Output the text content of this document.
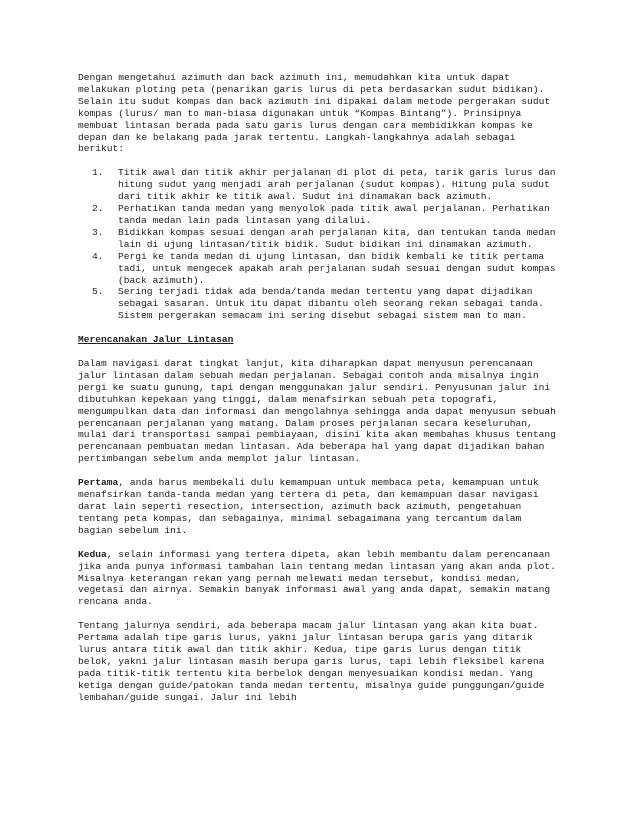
Dengan mengetahui azimuth dan back azimuth ini, memudahkan kita untuk dapat melakukan ploting peta (penarikan garis lurus di peta berdasarkan sudut bidikan). Selain itu sudut kompas dan back azimuth ini dipakai dalam metode pergerakan sudut kompas (lurus/ man to man-biasa digunakan untuk “Kompas Bintang”). Prinsipnya membuat lintasan berada pada satu garis lurus dengan cara membidikkan kompas ke depan dan ke belakang pada jarak tertentu. Langkah-langkahnya adalah sebagai berikut:

1. Titik awal dan titik akhir perjalanan di plot di peta, tarik garis lurus dan hitung sudut yang menjadi arah perjalanan (sudut kompas). Hitung pula sudut dari titik akhir ke titik awal. Sudut ini dinamakan back azimuth.
2. Perhatikan tanda medan yang menyolok pada titik awal perjalanan. Perhatikan tanda medan lain pada lintasan yang dilalui.
3. Bidikkan kompas sesuai dengan arah perjalanan kita, dan tentukan tanda medan lain di ujung lintasan/titik bidik. Sudut bidikan ini dinamakan azimuth.
4. Pergi ke tanda medan di ujung lintasan, dan bidik kembali ke titik pertama tadi, untuk mengecek apakah arah perjalanan sudah sesuai dengan sudut kompas (back azimuth).
5. Sering terjadi tidak ada benda/tanda medan tertentu yang dapat dijadikan sebagai sasaran. Untuk itu dapat dibantu oleh seorang rekan sebagai tanda. Sistem pergerakan semacam ini sering disebut sebagai sistem man to man.

Merencanakan Jalur Lintasan

Dalam navigasi darat tingkat lanjut, kita diharapkan dapat menyusun perencanaan jalur lintasan dalam sebuah medan perjalanan. Sebagai contoh anda misalnya ingin pergi ke suatu gunung, tapi dengan menggunakan jalur sendiri. Penyusunan jalur ini dibutuhkan kepekaan yang tinggi, dalam menafsirkan sebuah peta topografi, mengumpulkan data dan informasi dan mengolahnya sehingga anda dapat menyusun sebuah perencanaan perjalanan yang matang. Dalam proses perjalanan secara keseluruhan, mulai dari transportasi sampai pembiayaan, disini kita akan membahas khusus tentang perencanaan pembuatan medan lintasan. Ada beberapa hal yang dapat dijadikan bahan pertimbangan sebelum anda memplot jalur lintasan.

Pertama, anda harus membekali dulu kemampuan untuk membaca peta, kemampuan untuk menafsirkan tanda-tanda medan yang tertera di peta, dan kemampuan dasar navigasi darat lain seperti resection, intersection, azimuth back azimuth, pengetahuan tentang peta kompas, dan sebagainya, minimal sebagaimana yang tercantum dalam bagian sebelum ini.

Kedua, selain informasi yang tertera dipeta, akan lebih membantu dalam perencanaan jika anda punya informasi tambahan lain tentang medan lintasan yang akan anda plot. Misalnya keterangan rekan yang pernah melewati medan tersebut, kondisi medan, vegetasi dan airnya. Semakin banyak informasi awal yang anda dapat, semakin matang rencana anda.

Tentang jalurnya sendiri, ada beberapa macam jalur lintasan yang akan kita buat. Pertama adalah tipe garis lurus, yakni jalur lintasan berupa garis yang ditarik lurus antara titik awal dan titik akhir. Kedua, tipe garis lurus dengan titik belok, yakni jalur lintasan masih berupa garis lurus, tapi lebih fleksibel karena pada titik-titik tertentu kita berbelok dengan menyesuaikan kondisi medan. Yang ketiga dengan guide/patokan tanda medan tertentu, misalnya guide punggungan/guide lembahan/guide sungai. Jalur ini lebih
